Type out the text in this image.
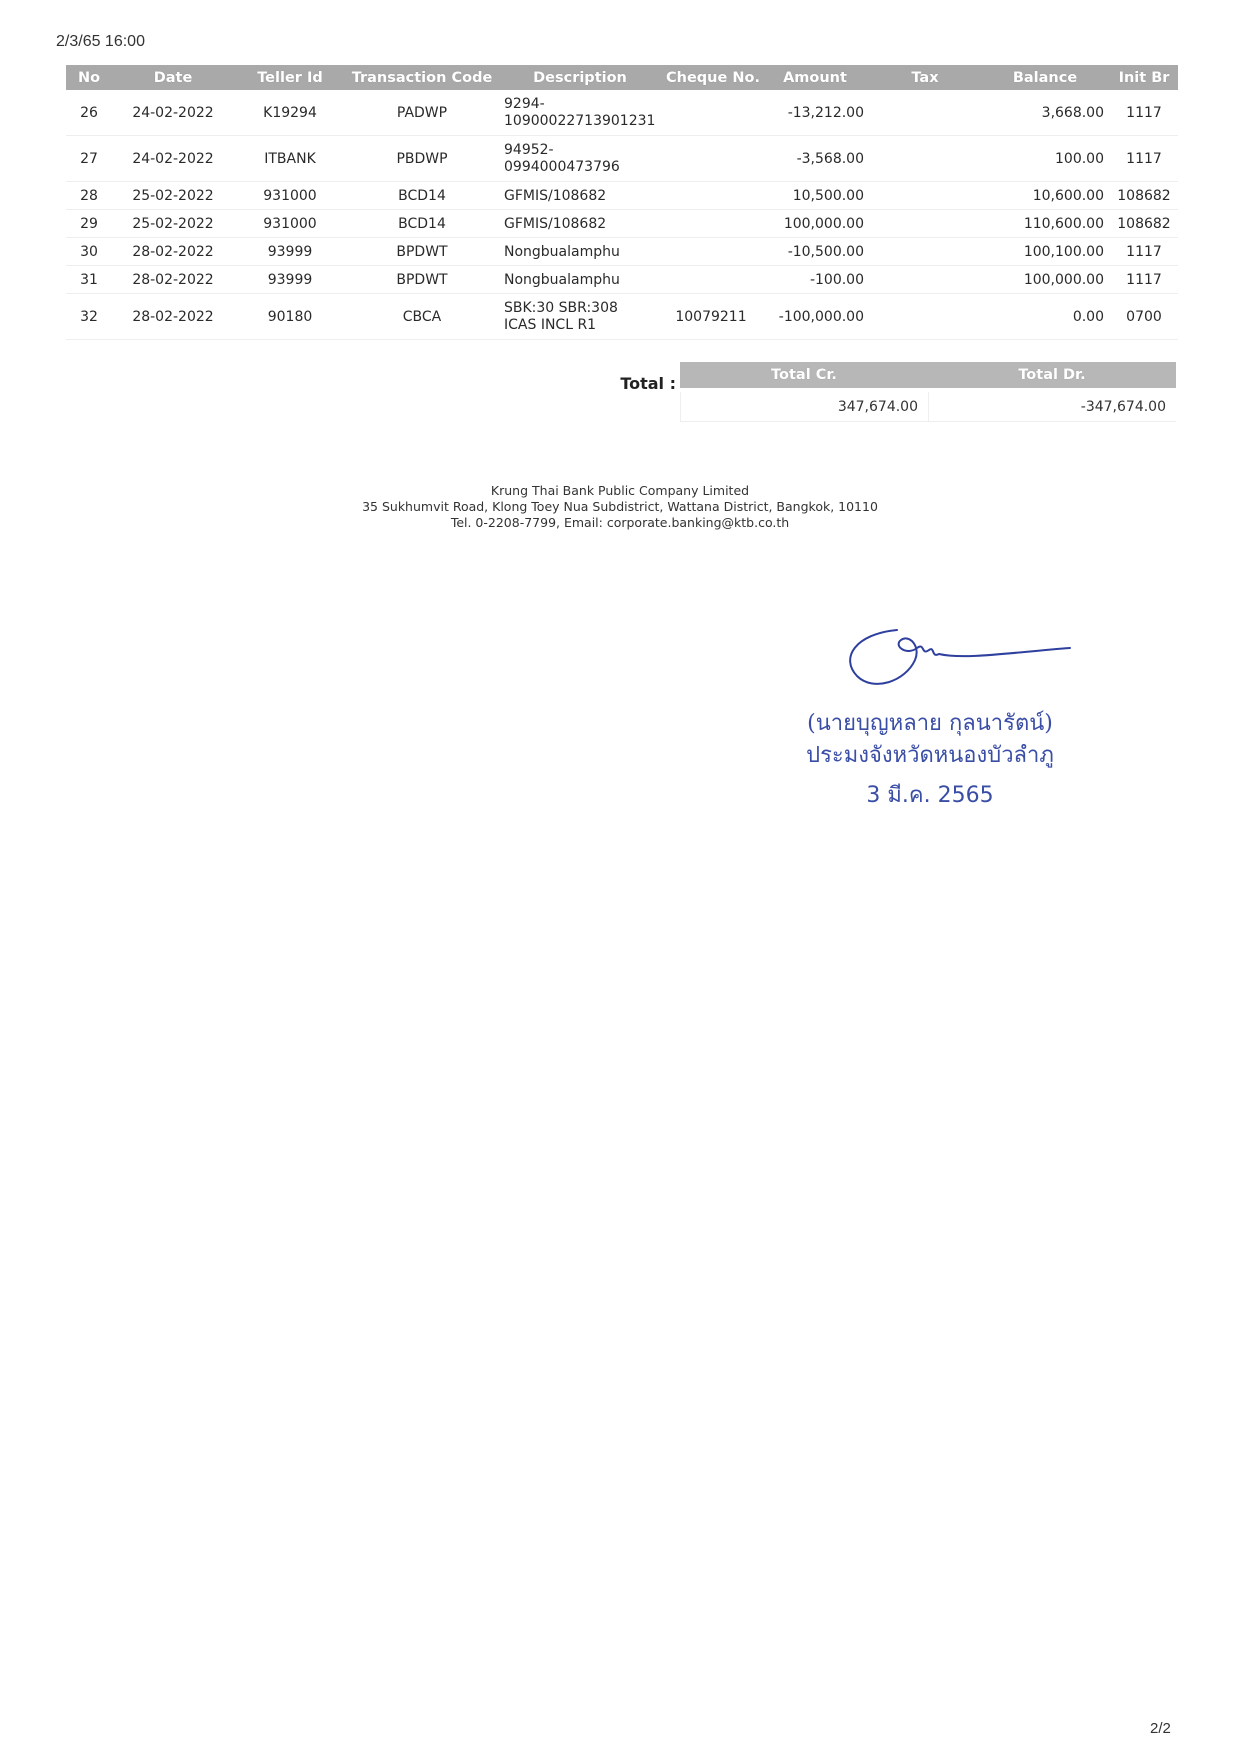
2/3/65 16:00
No	Date	Teller Id	Transaction Code	Description	Cheque No.	Amount	Tax	Balance	Init Br
26	24-02-2022	K19294	PADWP	9294-
10900022713901231		-13,212.00		3,668.00	1117
27	24-02-2022	ITBANK	PBDWP	94952-
0994000473796		-3,568.00		100.00	1117
28	25-02-2022	931000	BCD14	GFMIS/108682		10,500.00		10,600.00	108682
29	25-02-2022	931000	BCD14	GFMIS/108682		100,000.00		110,600.00	108682
30	28-02-2022	93999	BPDWT	Nongbualamphu		-10,500.00		100,100.00	1117
31	28-02-2022	93999	BPDWT	Nongbualamphu		-100.00		100,000.00	1117
32	28-02-2022	90180	CBCA	SBK:30 SBR:308
ICAS INCL R1	10079211	-100,000.00		0.00	0700
Total :	Total Cr.	Total Dr.
347,674.00	-347,674.00
Krung Thai Bank Public Company Limited
35 Sukhumvit Road, Klong Toey Nua Subdistrict, Wattana District, Bangkok, 10110
Tel. 0-2208-7799, Email: corporate.banking@ktb.co.th
(นายบุญหลาย กุลนารัตน์)
ประมงจังหวัดหนองบัวลำภู
3 มี.ค. 2565
2/2
